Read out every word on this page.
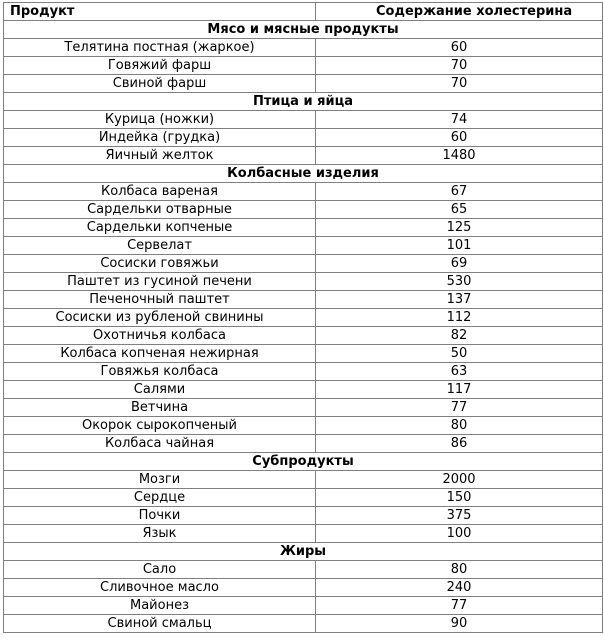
Продукт	Содержание холестерина
Мясо и мясные продукты	
Телятина постная (жаркое)	60
Говяжий фарш	70
Свиной фарш	70
Птица и яйца	
Курица (ножки)	74
Индейка (грудка)	60
Яичный желток	1480
Колбасные изделия	
Колбаса вареная	67
Сардельки отварные	65
Сардельки копченые	125
Сервелат	101
Сосиски говяжьи	69
Паштет из гусиной печени	530
Печеночный паштет	137
Сосиски из рубленой свинины	112
Охотничья колбаса	82
Колбаса копченая нежирная	50
Говяжья колбаса	63
Салями	117
Ветчина	77
Окорок сырокопченый	80
Колбаса чайная	86
Субпродукты	
Мозги	2000
Сердце	150
Почки	375
Язык	100
Жиры	
Сало	80
Сливочное масло	240
Майонез	77
Свиной смальц	90
